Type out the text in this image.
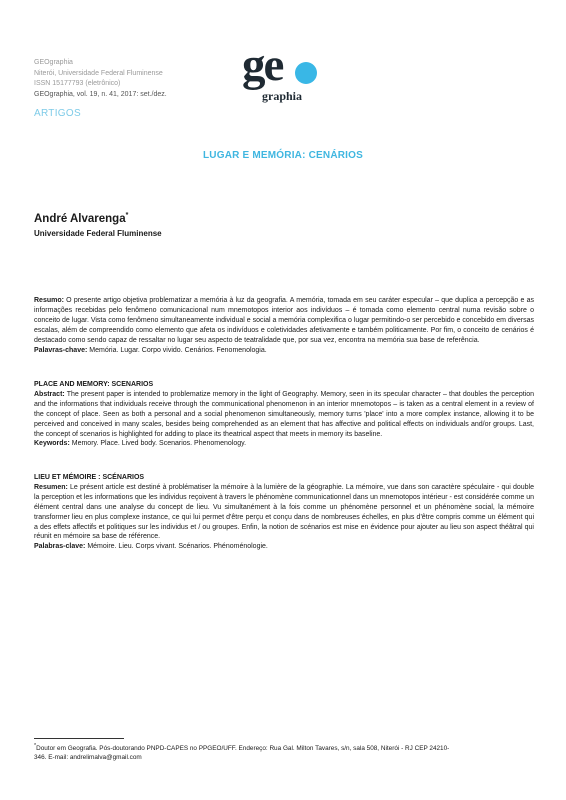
GEOgraphia
Niterói, Universidade Federal Fluminense
ISSN 15177793 (eletrônico)
GEOgraphia, vol. 19, n. 41, 2017: set./dez.
ge
graphia
ARTIGOS
LUGAR E MEMÓRIA: CENÁRIOS
André Alvarenga*
Universidade Federal Fluminense

Resumo: O presente artigo objetiva problematizar a memória à luz da geografia. A memória, tomada em seu caráter especular – que duplica a percepção e as informações recebidas pelo fenômeno comunicacional num mnemotopos interior aos indivíduos – é tomada como elemento central numa revisão sobre o conceito de lugar. Vista como fenômeno simultaneamente individual e social a memória complexifica o lugar permitindo-o ser percebido e concebido em diversas escalas, além de compreendido como elemento que afeta os indivíduos e coletividades afetivamente e também politicamente. Por fim, o conceito de cenários é destacado como sendo capaz de ressaltar no lugar seu aspecto de teatralidade que, por sua vez, encontra na memória sua base de referência.

Palavras-chave: Memória. Lugar. Corpo vivido. Cenários. Fenomenologia.

PLACE AND MEMORY: SCENARIOS

Abstract: The present paper is intended to problematize memory in the light of Geography. Memory, seen in its specular character – that doubles the perception and the informations that individuals receive through the communicational phenomenon in an interior mnemotopos – is taken as a central element in a review of the concept of place. Seen as both a personal and a social phenomenon simultaneously, memory turns 'place' into a more complex instance, allowing it to be perceived and conceived in many scales, besides being comprehended as an element that has affective and political effects on individuals and/or groups. Last, the concept of scenarios is highlighted for adding to place its theatrical aspect that meets in memory its baseline.

Keywords: Memory. Place. Lived body. Scenarios. Phenomenology.

LIEU ET MÉMOIRE : SCÉNARIOS

Resumen: Le présent article est destiné à problématiser la mémoire à la lumière de la géographie. La mémoire, vue dans son caractère spéculaire - qui double la perception et les informations que les individus reçoivent à travers le phénomène communicationnel dans un mnemotopos intérieur - est considérée comme un élément central dans une analyse du concept de lieu. Vu simultanément à la fois comme un phénomène personnel et un phénomène social, la mémoire transformer lieu en plus complexe instance, ce qui lui permet d'être perçu et conçu dans de nombreuses échelles, en plus d'être compris comme un élément qui a des effets affectifs et politiques sur les individus et / ou groupes. Enfin, la notion de scénarios est mise en évidence pour ajouter au lieu son aspect théâtral qui réunit en mémoire sa base de référence.

Palabras-clave: Mémoire. Lieu. Corps vivant. Scénarios. Phénoménologie.

*Doutor em Geografia. Pós-doutorando PNPD-CAPES no PPGEO/UFF. Endereço: Rua Gal. Milton Tavares, s/n, sala 508, Niterói - RJ CEP 24210-346. E-mail: andrelimalva@gmail.com
